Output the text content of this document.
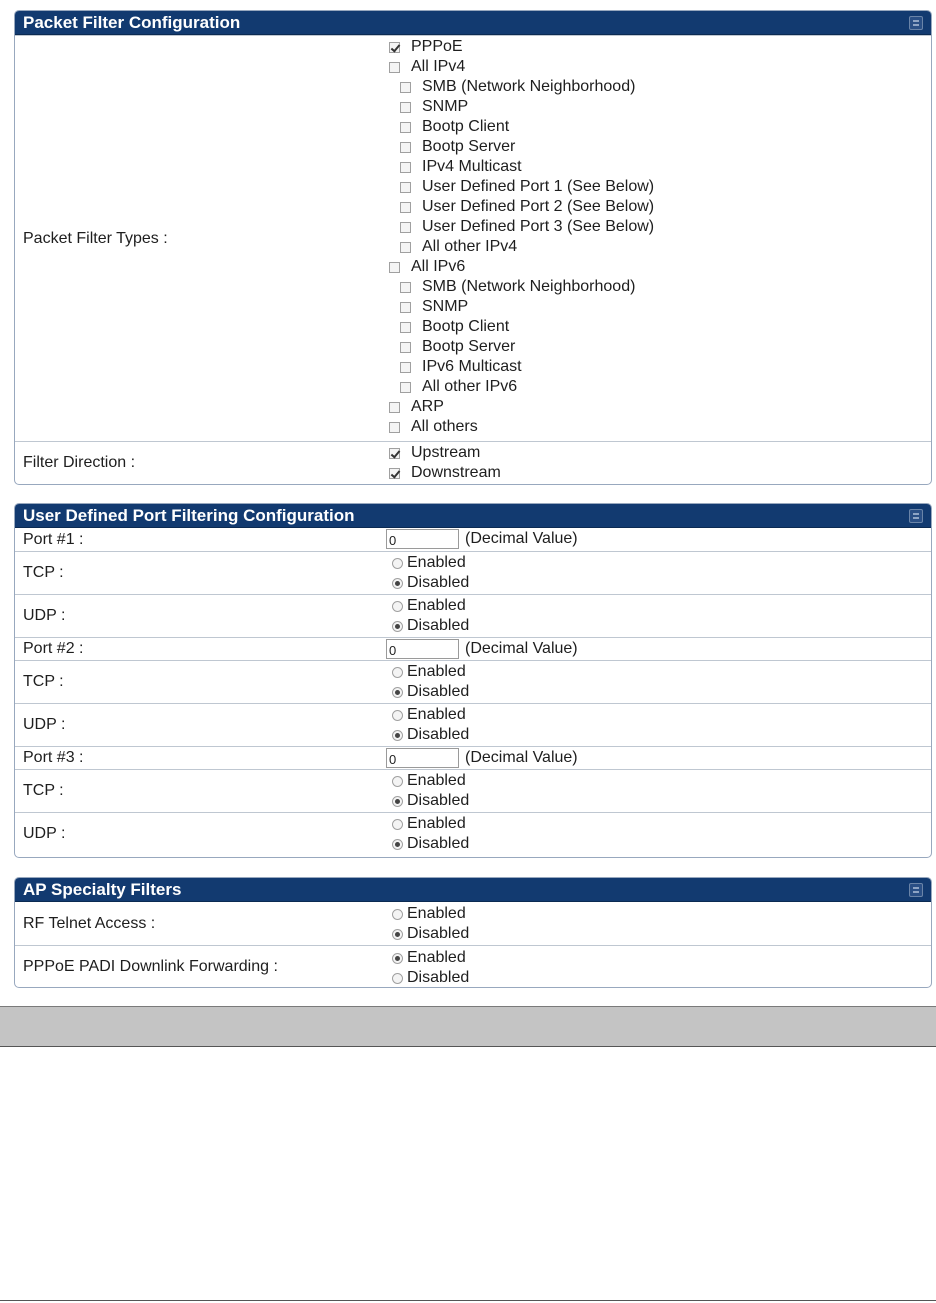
Packet Filter Configuration
Packet Filter Types :
PPPoE
All IPv4
SMB (Network Neighborhood)
SNMP
Bootp Client
Bootp Server
IPv4 Multicast
User Defined Port 1 (See Below)
User Defined Port 2 (See Below)
User Defined Port 3 (See Below)
All other IPv4
All IPv6
SMB (Network Neighborhood)
SNMP
Bootp Client
Bootp Server
IPv6 Multicast
All other IPv6
ARP
All others
Filter Direction :
Upstream
Downstream
User Defined Port Filtering Configuration
Port #1 :
0	(Decimal Value)
TCP :
Enabled
Disabled
UDP :
Enabled
Disabled
Port #2 :
0	(Decimal Value)
TCP :
Enabled
Disabled
UDP :
Enabled
Disabled
Port #3 :
0	(Decimal Value)
TCP :
Enabled
Disabled
UDP :
Enabled
Disabled
AP Specialty Filters
RF Telnet Access :
Enabled
Disabled
PPPoE PADI Downlink Forwarding :
Enabled
Disabled
